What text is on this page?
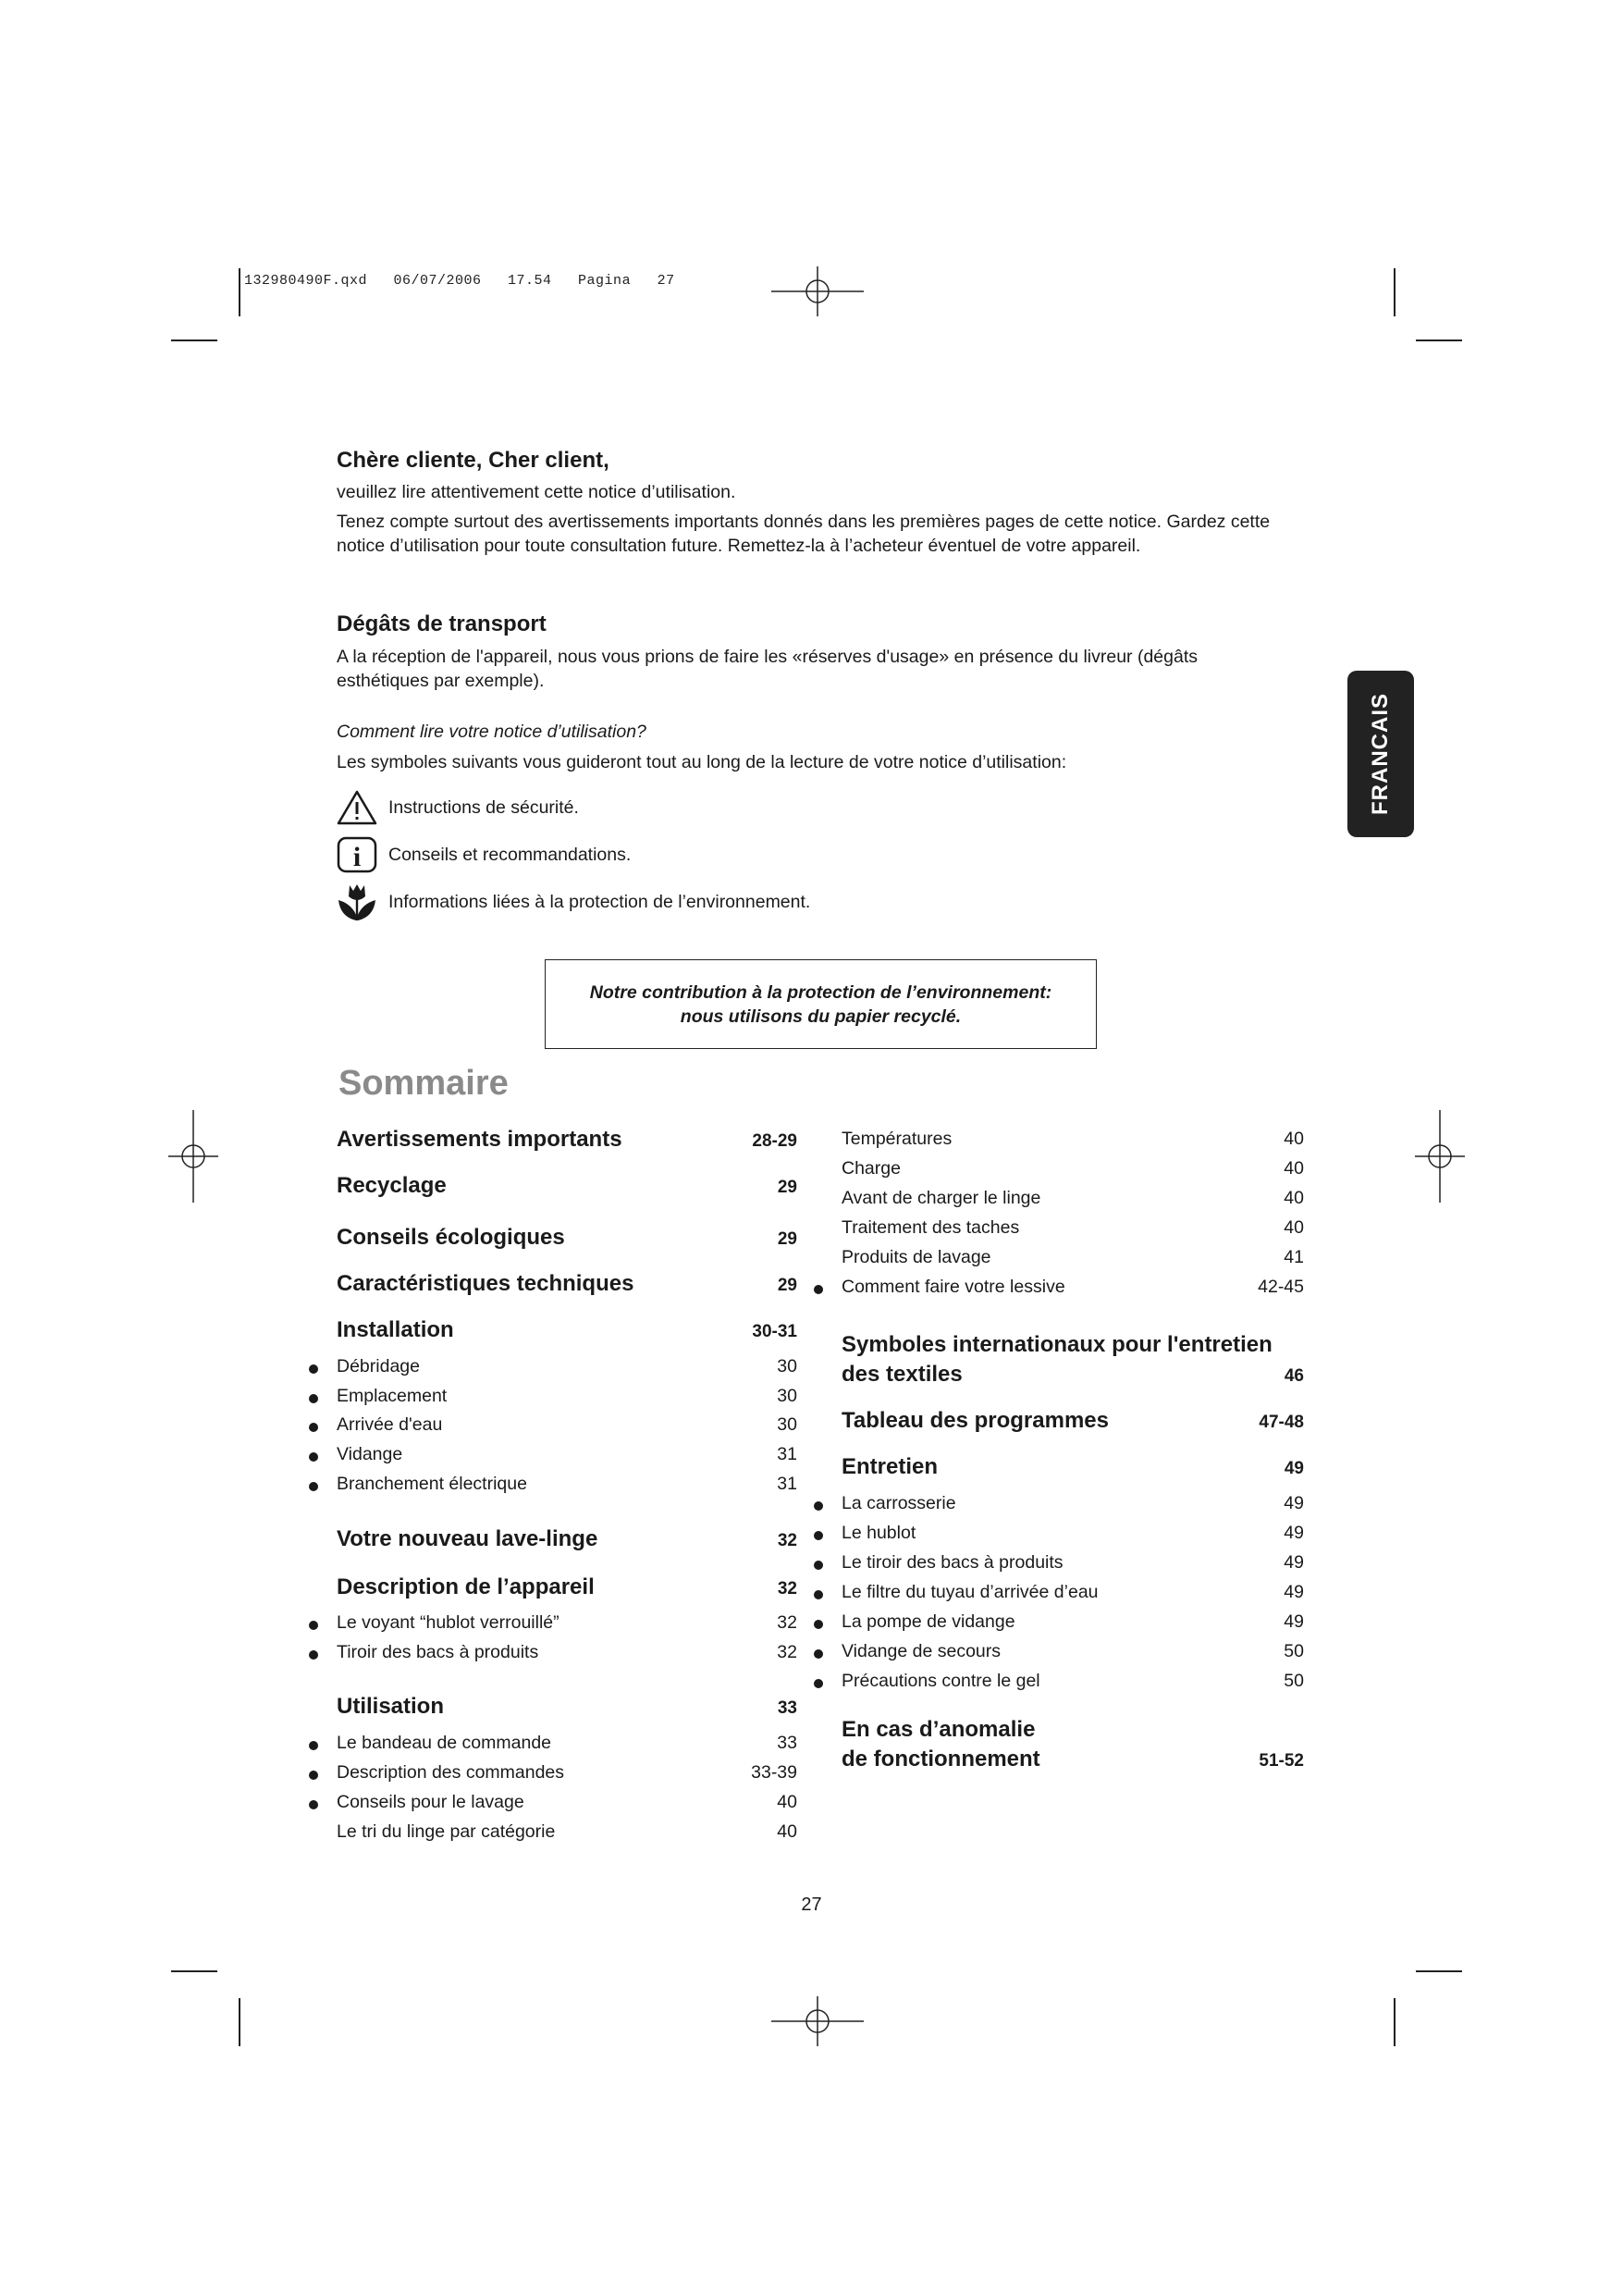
132980490F.qxd   06/07/2006   17.54   Pagina   27
FRANCAIS
Chère cliente, Cher client,

veuillez lire attentivement cette notice d’utilisation.

Tenez compte surtout des avertissements importants donnés dans les premières pages de cette notice. Gardez cette notice d’utilisation pour toute consultation future. Remettez-la à l’acheteur éventuel de votre appareil.

Dégâts de transport

A la réception de l'appareil, nous vous prions de faire les «réserves d'usage» en présence du livreur (dégâts esthétiques par exemple).

Comment lire votre notice d’utilisation?

Les symboles suivants vous guideront tout au long de la lecture de votre notice d’utilisation:

Instructions de sécurité.
i Conseils et recommandations.
Informations liées à la protection de l’environnement.
Notre contribution à la protection de l’environnement:
nous utilisons du papier recyclé.
Sommaire
Avertissements importants	28-29
Recyclage	29
Conseils écologiques	29
Caractéristiques techniques	29
Installation	30-31
Débridage	30
Emplacement	30
Arrivée d'eau	30
Vidange	31
Branchement électrique	31
Votre nouveau lave-linge	32
Description de l’appareil	32
Le voyant “hublot verrouillé”	32
Tiroir des bacs à produits	32
Utilisation	33
Le bandeau de commande	33
Description des commandes	33-39
Conseils pour le lavage	40
Le tri du linge par catégorie	40
Températures	40
Charge	40
Avant de charger le linge	40
Traitement des taches	40
Produits de lavage	41
Comment faire votre lessive	42-45
Symboles internationaux pour l'entretien
des textiles	46
Tableau des programmes	47-48
Entretien	49
La carrosserie	49
Le hublot	49
Le tiroir des bacs à produits	49
Le filtre du tuyau d’arrivée d’eau	49
La pompe de vidange	49
Vidange de secours	50
Précautions contre le gel	50
En cas d’anomalie
de fonctionnement	51-52
27
